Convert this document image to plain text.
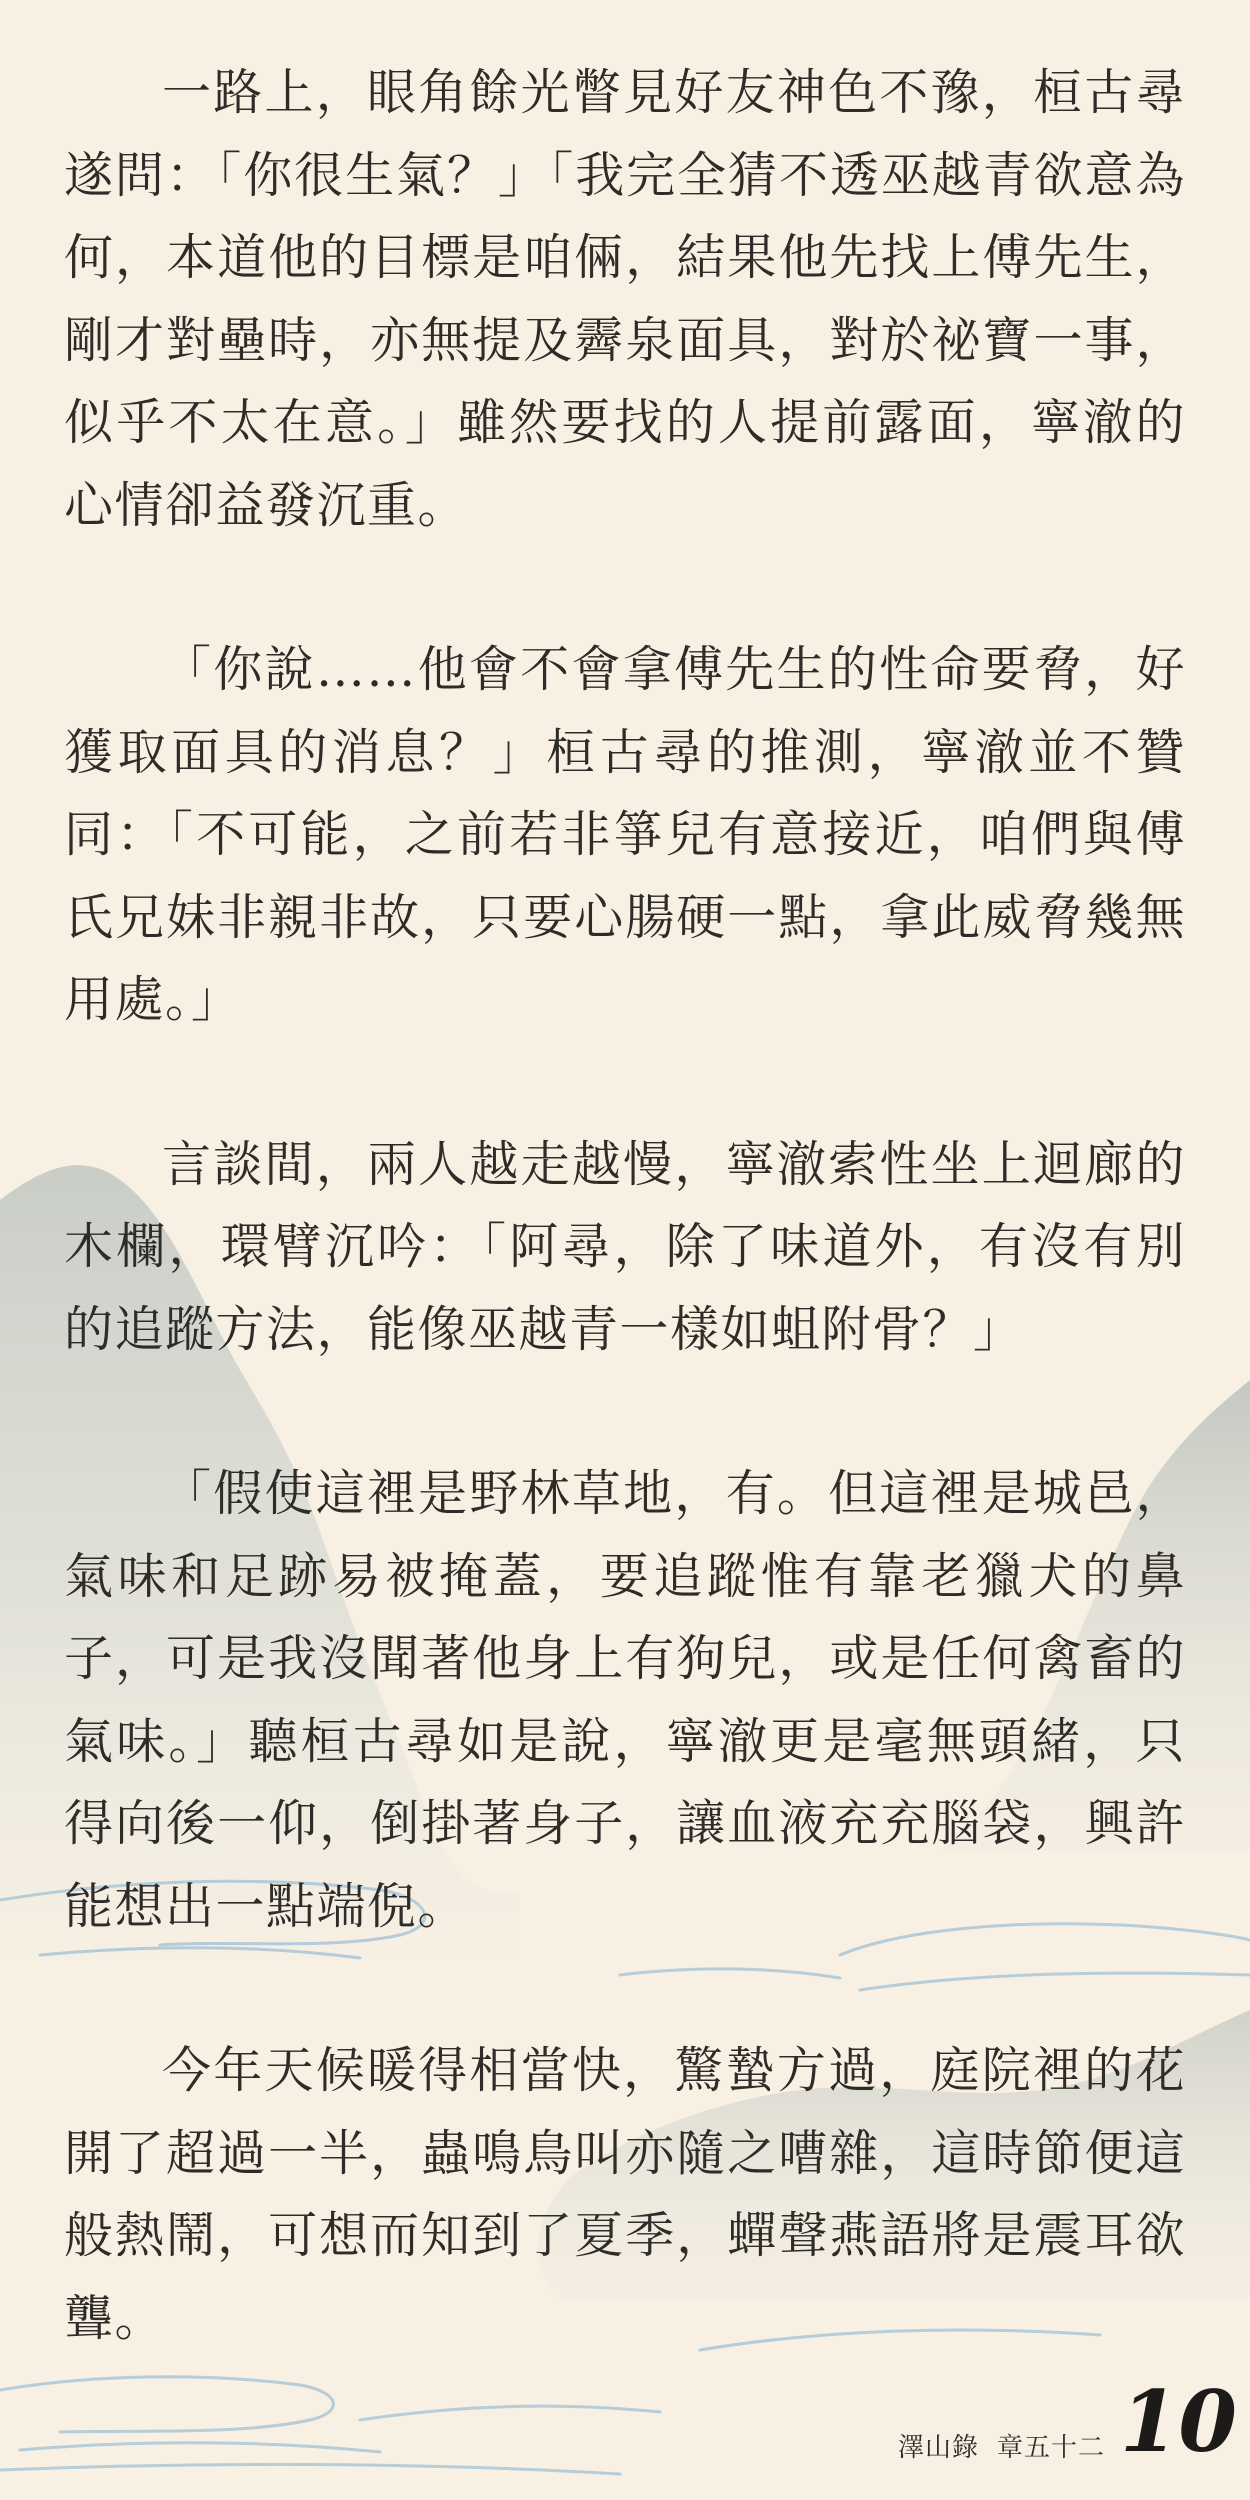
一路上，眼角餘光瞥見好友神色不豫，桓古尋遂問：「你很生氣？」「我完全猜不透巫越青欲意為何，本道他的目標是咱倆，結果他先找上傅先生，剛才對壘時，亦無提及霽泉面具，對於祕寶一事，似乎不太在意。」雖然要找的人提前露面，寧澈的心情卻益發沉重。

「你說……他會不會拿傅先生的性命要脅，好獲取面具的消息？」桓古尋的推測，寧澈並不贊同：「不可能，之前若非箏兒有意接近，咱們與傅氏兄妹非親非故，只要心腸硬一點，拿此威脅幾無用處。」

言談間，兩人越走越慢，寧澈索性坐上迴廊的木欄，環臂沉吟：「阿尋，除了味道外，有沒有別的追蹤方法，能像巫越青一樣如蛆附骨？」

「假使這裡是野林草地，有。但這裡是城邑，氣味和足跡易被掩蓋，要追蹤惟有靠老獵犬的鼻子，可是我沒聞著他身上有狗兒，或是任何禽畜的氣味。」聽桓古尋如是說，寧澈更是毫無頭緒，只得向後一仰，倒掛著身子，讓血液充充腦袋，興許能想出一點端倪。

今年天候暖得相當快，驚蟄方過，庭院裡的花開了超過一半，蟲鳴鳥叫亦隨之嘈雜，這時節便這般熱鬧，可想而知到了夏季，蟬聲燕語將是震耳欲聾。

澤山錄 章五十二 10
